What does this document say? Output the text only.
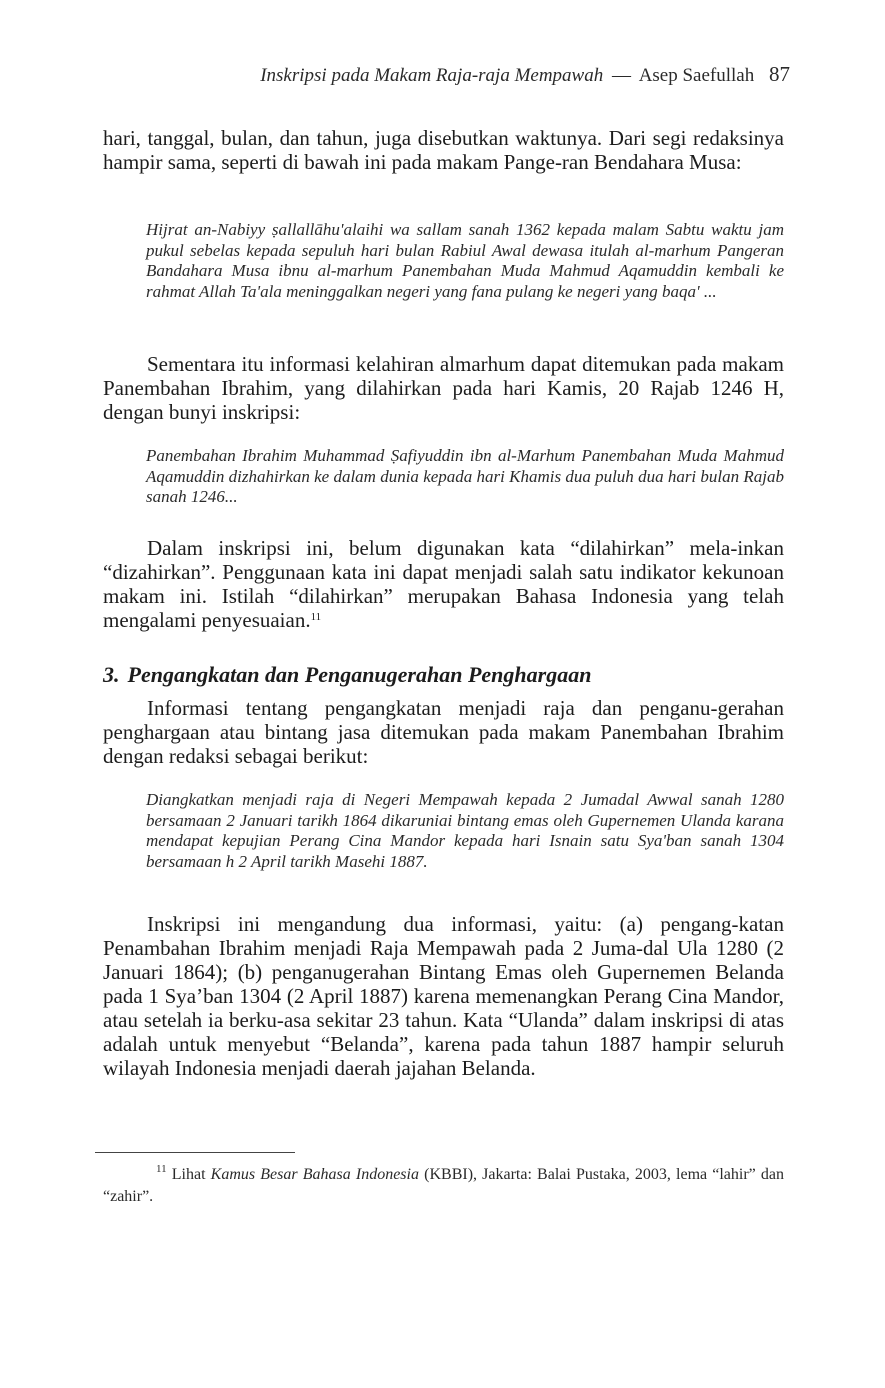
Inskripsi pada Makam Raja-raja Mempawah — Asep Saefullah 87

hari, tanggal, bulan, dan tahun, juga disebutkan waktunya. Dari segi redaksinya hampir sama, seperti di bawah ini pada makam Pange-ran Bendahara Musa:

Hijrat an-Nabiyy ṣallallāhu'alaihi wa sallam sanah 1362 kepada malam Sabtu waktu jam pukul sebelas kepada sepuluh hari bulan Rabiul Awal dewasa itulah al-marhum Pangeran Bandahara Musa ibnu al-marhum Panembahan Muda Mahmud Aqamuddin kembali ke rahmat Allah Ta'ala meninggalkan negeri yang fana pulang ke negeri yang baqa' ...

Sementara itu informasi kelahiran almarhum dapat ditemukan pada makam Panembahan Ibrahim, yang dilahirkan pada hari Kamis, 20 Rajab 1246 H, dengan bunyi inskripsi:

Panembahan Ibrahim Muhammad Ṣafiyuddin ibn al-Marhum Panembahan Muda Mahmud Aqamuddin dizhahirkan ke dalam dunia kepada hari Khamis dua puluh dua hari bulan Rajab sanah 1246...

Dalam inskripsi ini, belum digunakan kata “dilahirkan” mela-inkan “dizahirkan”. Penggunaan kata ini dapat menjadi salah satu indikator kekunoan makam ini. Istilah “dilahirkan” merupakan Bahasa Indonesia yang telah mengalami penyesuaian.$^{11}$

3. Pengangkatan dan Penganugerahan Penghargaan

Informasi tentang pengangkatan menjadi raja dan penganu-gerahan penghargaan atau bintang jasa ditemukan pada makam Panembahan Ibrahim dengan redaksi sebagai berikut:

Diangkatkan menjadi raja di Negeri Mempawah kepada 2 Jumadal Awwal sanah 1280 bersamaan 2 Januari tarikh 1864 dikaruniai bintang emas oleh Gupernemen Ulanda karana mendapat kepujian Perang Cina Mandor kepada hari Isnain satu Sya'ban sanah 1304 bersamaan h 2 April tarikh Masehi 1887.

Inskripsi ini mengandung dua informasi, yaitu: (a) pengang-katan Penambahan Ibrahim menjadi Raja Mempawah pada 2 Juma-dal Ula 1280 (2 Januari 1864); (b) penganugerahan Bintang Emas oleh Gupernemen Belanda pada 1 Sya’ban 1304 (2 April 1887) karena memenangkan Perang Cina Mandor, atau setelah ia berku-asa sekitar 23 tahun. Kata “Ulanda” dalam inskripsi di atas adalah untuk menyebut “Belanda”, karena pada tahun 1887 hampir seluruh wilayah Indonesia menjadi daerah jajahan Belanda.

$^{11}$ Lihat Kamus Besar Bahasa Indonesia (KBBI), Jakarta: Balai Pustaka, 2003, lema “lahir” dan “zahir”.
